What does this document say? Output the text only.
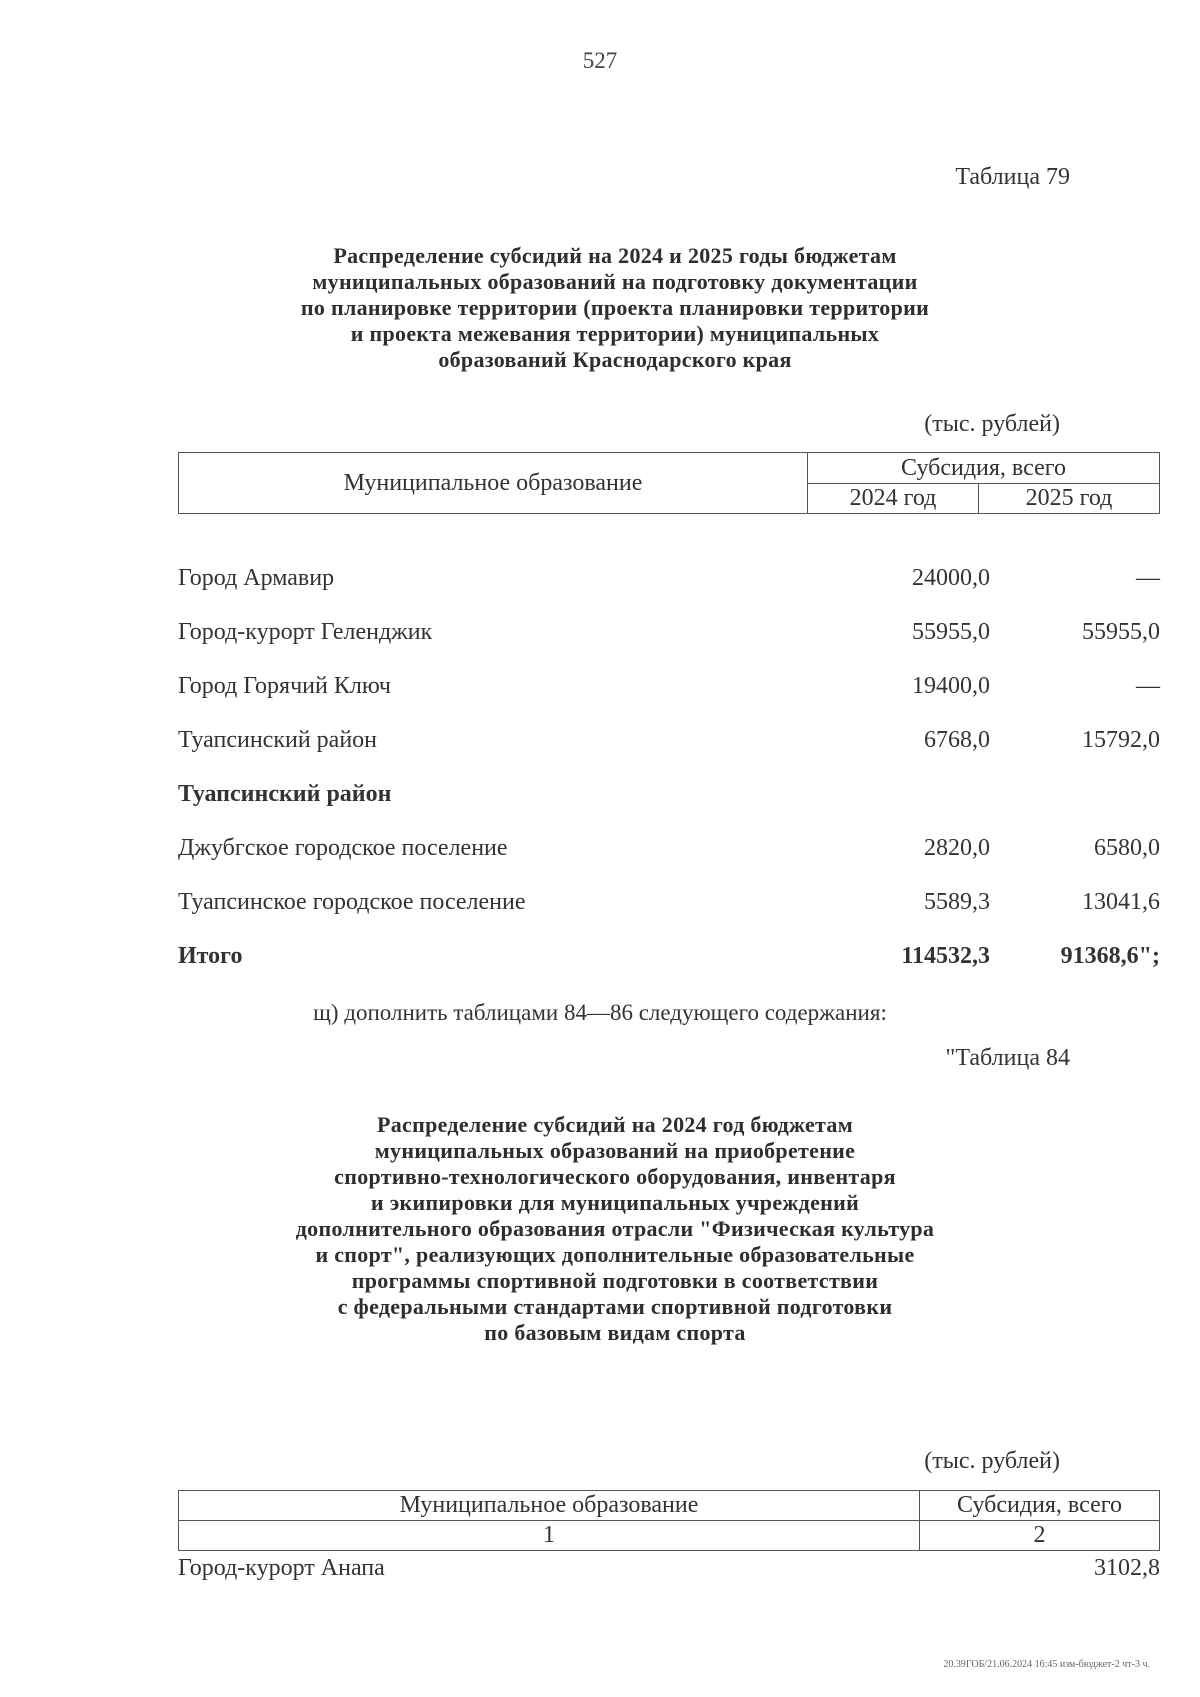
527
Таблица 79
Распределение субсидий на 2024 и 2025 годы бюджетам
муниципальных образований на подготовку документации
по планировке территории (проекта планировки территории
и проекта межевания территории) муниципальных
образований Краснодарского края
(тыс. рублей)
Муниципальное образование	Субсидия, всего	
	2024 год	2025 год
Город Армавир	24000,0	—
Город-курорт Геленджик	55955,0	55955,0
Город Горячий Ключ	19400,0	—
Туапсинский район	6768,0	15792,0
Туапсинский район
Джубгское городское поселение	2820,0	6580,0
Туапсинское городское поселение	5589,3	13041,6
Итого	114532,3	91368,6";
щ) дополнить таблицами 84—86 следующего содержания:
"Таблица 84
Распределение субсидий на 2024 год бюджетам
муниципальных образований на приобретение
спортивно-технологического оборудования, инвентаря
и экипировки для муниципальных учреждений
дополнительного образования отрасли "Физическая культура
и спорт", реализующих дополнительные образовательные
программы спортивной подготовки в соответствии
с федеральными стандартами спортивной подготовки
по базовым видам спорта
(тыс. рублей)
Муниципальное образование	Субсидия, всего
1	2
Город-курорт Анапа	3102,8
20.39ГОБ/21.06.2024 16:45 изм-бюджет-2 чт-3 ч.
